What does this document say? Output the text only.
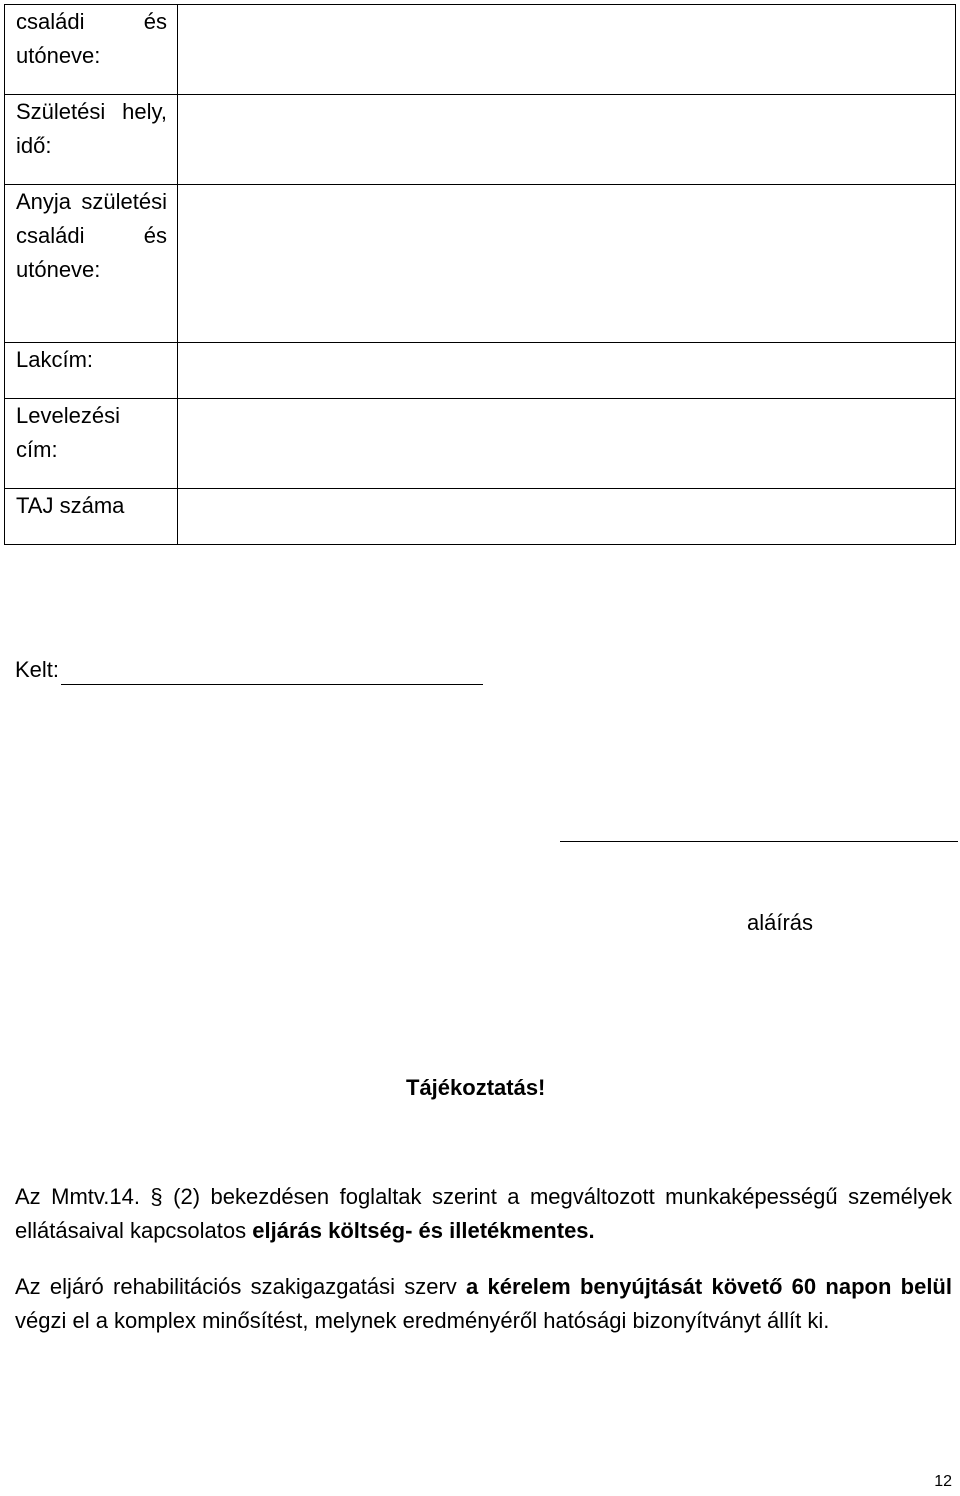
családi és utóneve:	

Születési hely, idő:	

Anyja születési családi és utóneve:	

Lakcím:	

Levelezési cím:	

TAJ száma	

Kelt:
aláírás
Tájékoztatás!
Az Mmtv.14. § (2) bekezdésen foglaltak szerint a megváltozott munkaképességű személyek ellátásaival kapcsolatos eljárás költség- és illetékmentes.
Az eljáró rehabilitációs szakigazgatási szerv a kérelem benyújtását követő 60 napon belül végzi el a komplex minősítést, melynek eredményéről hatósági bizonyítványt állít ki.
12
